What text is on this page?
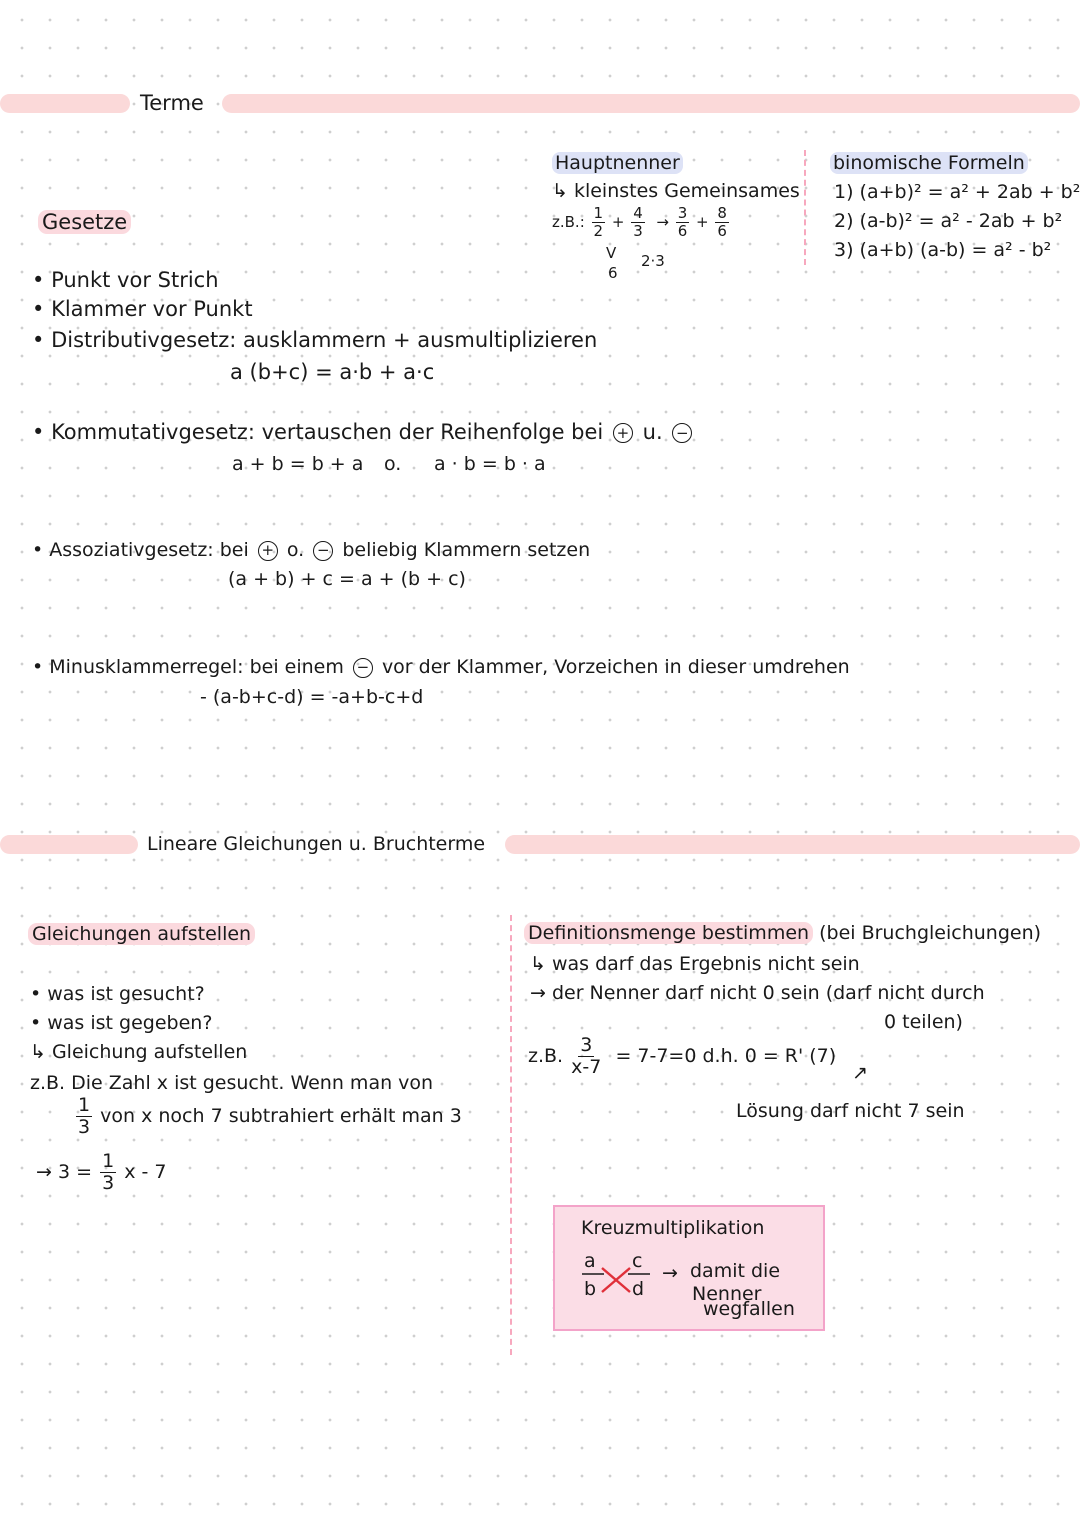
Terme
Gesetze
• Punkt vor Strich
• Klammer vor Punkt
• Distributivgesetz: ausklammern + ausmultiplizieren
a (b+c) = a·b + a·c
• Kommutativgesetz: vertauschen der Reihenfolge bei + u. −
a + b = b + a o. a · b = b · a
• Assoziativgesetz: bei + o. − beliebig Klammern setzen
(a + b) + c = a + (b + c)
• Minusklammerregel: bei einem − vor der Klammer, Vorzeichen in dieser umdrehen
- (a-b+c-d) = -a+b-c+d
Hauptnenner
↳ kleinstes Gemeinsames
z.B.: $\frac{1}{2} + \frac{4}{3} \to \frac{3}{6} + \frac{8}{6}$
V 2·3
6
binomische Formeln
1) (a+b)² = a² + 2ab + b²
2) (a-b)² = a² - 2ab + b²
3) (a+b) (a-b) = a² - b²
Lineare Gleichungen u. Bruchterme
Gleichungen aufstellen
• was ist gesucht?
• was ist gegeben?
↳ Gleichung aufstellen
z.B. Die Zahl x ist gesucht. Wenn man von
$\frac{1}{3}$ von x noch 7 subtrahiert erhält man 3
→ $3 = \frac{1}{3}$ x - 7
Definitionsmenge bestimmen (bei Bruchgleichungen)
↳ was darf das Ergebnis nicht sein
→ der Nenner darf nicht 0 sein (darf nicht durch
0 teilen)
z.B. $\frac{3}{x-7} = 7-7=0$ d.h. 0 = R' (7)
↗
Lösung darf nicht 7 sein
Kreuzmultiplikation
a
b
c
d
→ damit die
Nenner
wegfallen
